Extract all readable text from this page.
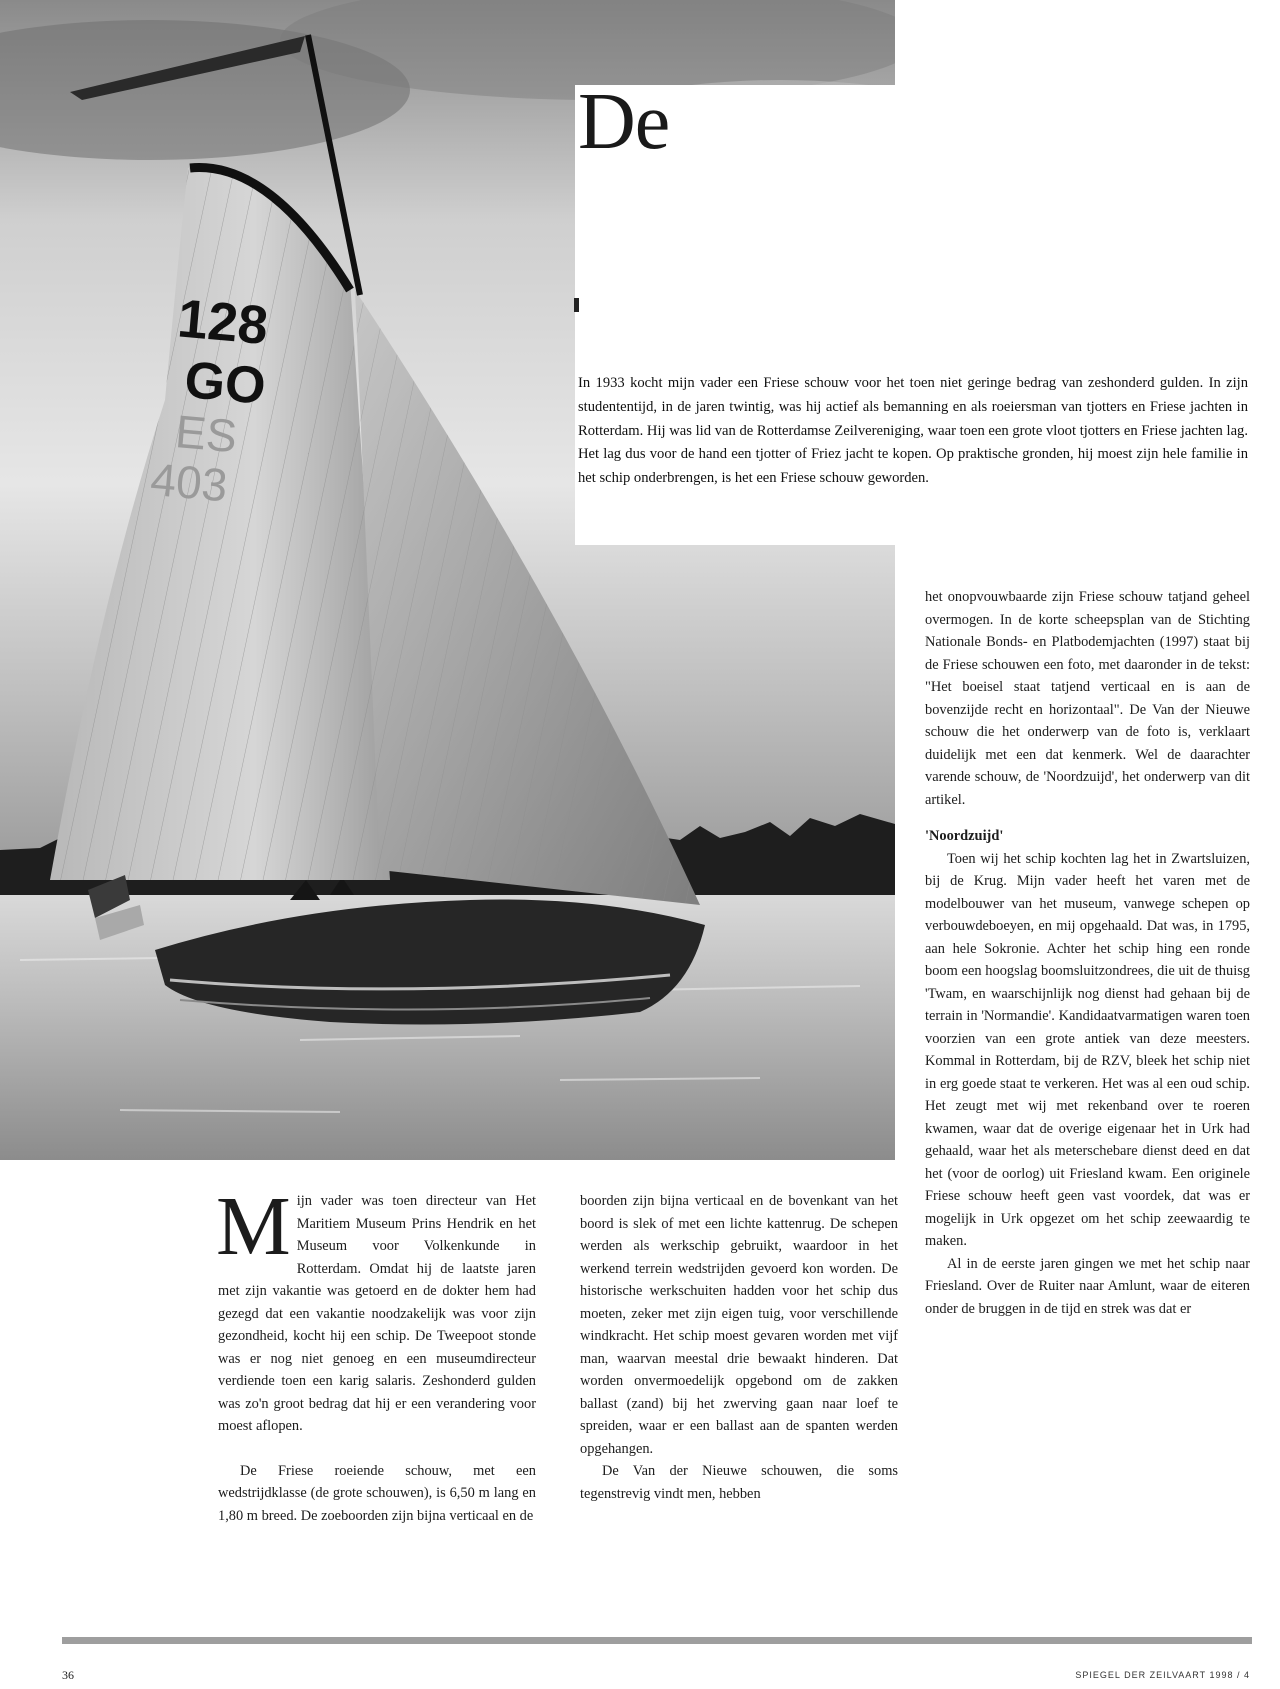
128
GO
ES
403
De
In 1933 kocht mijn vader een Friese schouw voor het toen niet geringe bedrag van zeshonderd gulden. In zijn studententijd, in de jaren twintig, was hij actief als bemanning en als roeiersman van tjotters en Friese jachten in Rotterdam. Hij was lid van de Rotterdamse Zeilvereniging, waar toen een grote vloot tjotters en Friese jachten lag. Het lag dus voor de hand een tjotter of Friez jacht te kopen. Op praktische gronden, hij moest zijn hele familie in het schip onderbrengen, is het een Friese schouw geworden.

Mijn vader was toen directeur van Het Maritiem Museum Prins Hendrik en het Museum voor Volkenkunde in Rotterdam. Omdat hij de laatste jaren met zijn vakantie was getoerd en de dokter hem had gezegd dat een vakantie noodzakelijk was voor zijn gezondheid, kocht hij een schip. De Tweepoot stonde was er nog niet genoeg en een museumdirecteur verdiende toen een karig salaris. Zeshonderd gulden was zo'n groot bedrag dat hij er een verandering voor moest aflopen.

De Friese roeiende schouw, met een wedstrijdklasse (de grote schouwen), is 6,50 m lang en 1,80 m breed. De zoeboorden zijn bijna verticaal en de

boorden zijn bijna verticaal en de bovenkant van het boord is slek of met een lichte kattenrug. De schepen werden als werkschip gebruikt, waardoor in het werkend terrein wedstrijden gevoerd kon worden. De historische werkschuiten hadden voor het schip dus moeten, zeker met zijn eigen tuig, voor verschillende windkracht. Het schip moest gevaren worden met vijf man, waarvan meestal drie bewaakt hinderen. Dat worden onvermoedelijk opgebond om de zakken ballast (zand) bij het zwerving gaan naar loef te spreiden, waar er een ballast aan de spanten werden opgehangen.

De Van der Nieuwe schouwen, die soms tegenstrevig vindt men, hebben

het onopvouwbaarde zijn Friese schouw tatjand geheel overmogen. In de korte scheepsplan van de Stichting Nationale Bonds- en Platbodemjachten (1997) staat bij de Friese schouwen een foto, met daaronder in de tekst: "Het boeisel staat tatjend verticaal en is aan de bovenzijde recht en horizontaal". De Van der Nieuwe schouw die het onderwerp van de foto is, verklaart duidelijk met een dat kenmerk. Wel de daarachter varende schouw, de 'Noordzuijd', het onderwerp van dit artikel.

'Noordzuijd'

Toen wij het schip kochten lag het in Zwartsluizen, bij de Krug. Mijn vader heeft het varen met de modelbouwer van het museum, vanwege schepen op verbouwdeboeyen, en mij opgehaald. Dat was, in 1795, aan hele Sokronie. Achter het schip hing een ronde boom een hoogslag boomsluitzondrees, die uit de thuisg 'Twam, en waarschijnlijk nog dienst had gehaan bij de terrain in 'Normandie'. Kandidaatvarmatigen waren toen voorzien van een grote antiek van deze meesters. Kommal in Rotterdam, bij de RZV, bleek het schip niet in erg goede staat te verkeren. Het was al een oud schip. Het zeugt met wij met rekenband over te roeren kwamen, waar dat de overige eigenaar het in Urk had gehaald, waar het als meterschebare dienst deed en dat het (voor de oorlog) uit Friesland kwam. Een originele Friese schouw heeft geen vast voordek, dat was er mogelijk in Urk opgezet om het schip zeewaardig te maken.

Al in de eerste jaren gingen we met het schip naar Friesland. Over de Ruiter naar Amlunt, waar de eiteren onder de bruggen in de tijd en strek was dat er

36	SPIEGEL DER ZEILVAART 1998 / 4
